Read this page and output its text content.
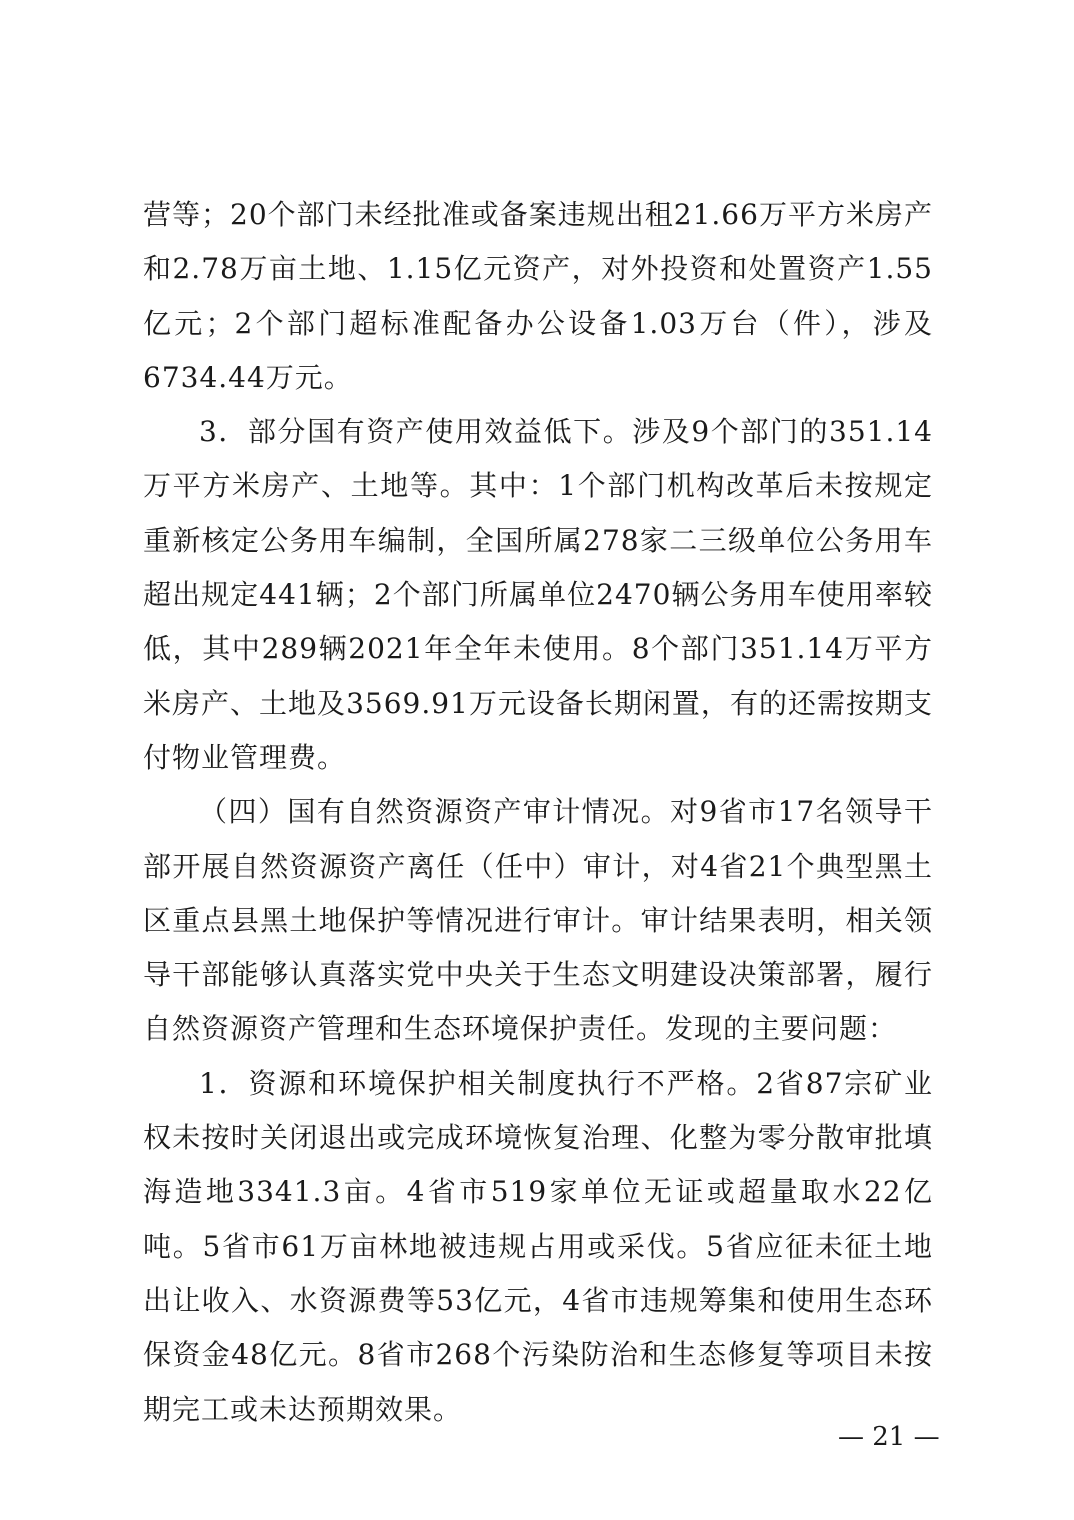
营等；20个部门未经批准或备案违规出租21.66万平方米房产和2.78万亩土地、1.15亿元资产，对外投资和处置资产1.55亿元；2个部门超标准配备办公设备1.03万台（件），涉及6734.44万元。

3．部分国有资产使用效益低下。涉及9个部门的351.14万平方米房产、土地等。其中：1个部门机构改革后未按规定重新核定公务用车编制，全国所属278家二三级单位公务用车超出规定441辆；2个部门所属单位2470辆公务用车使用率较低，其中289辆2021年全年未使用。8个部门351.14万平方米房产、土地及3569.91万元设备长期闲置，有的还需按期支付物业管理费。

（四）国有自然资源资产审计情况。对9省市17名领导干部开展自然资源资产离任（任中）审计，对4省21个典型黑土区重点县黑土地保护等情况进行审计。审计结果表明，相关领导干部能够认真落实党中央关于生态文明建设决策部署，履行自然资源资产管理和生态环境保护责任。发现的主要问题：

1．资源和环境保护相关制度执行不严格。2省87宗矿业权未按时关闭退出或完成环境恢复治理、化整为零分散审批填海造地3341.3亩。4省市519家单位无证或超量取水22亿吨。5省市61万亩林地被违规占用或采伐。5省应征未征土地出让收入、水资源费等53亿元，4省市违规筹集和使用生态环保资金48亿元。8省市268个污染防治和生态修复等项目未按期完工或未达预期效果。

— 21 —
